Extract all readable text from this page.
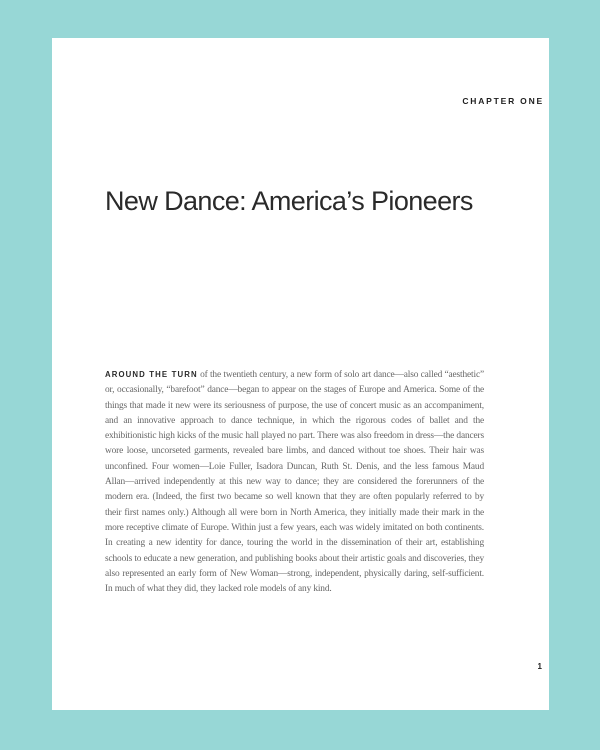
CHAPTER ONE
New Dance: America’s Pioneers

AROUND THE TURN of the twentieth century, a new form of solo art dance—also called “aesthetic” or, occasionally, “barefoot” dance—began to appear on the stages of Europe and America. Some of the things that made it new were its seriousness of purpose, the use of concert music as an accompaniment, and an innovative approach to dance technique, in which the rigorous codes of ballet and the exhibitionistic high kicks of the music hall played no part. There was also freedom in dress—the dancers wore loose, uncorseted garments, revealed bare limbs, and danced without toe shoes. Their hair was unconfined. Four women—Loie Fuller, Isadora Duncan, Ruth St. Denis, and the less famous Maud Allan—arrived independently at this new way to dance; they are considered the forerunners of the modern era. (Indeed, the first two became so well known that they are often popularly referred to by their first names only.) Although all were born in North America, they initially made their mark in the more receptive climate of Europe. Within just a few years, each was widely imitated on both continents. In creating a new identity for dance, touring the world in the dissemination of their art, establishing schools to educate a new generation, and publishing books about their artistic goals and discoveries, they also represented an early form of New Woman—strong, independent, physically daring, self-sufficient. In much of what they did, they lacked role models of any kind.

1
